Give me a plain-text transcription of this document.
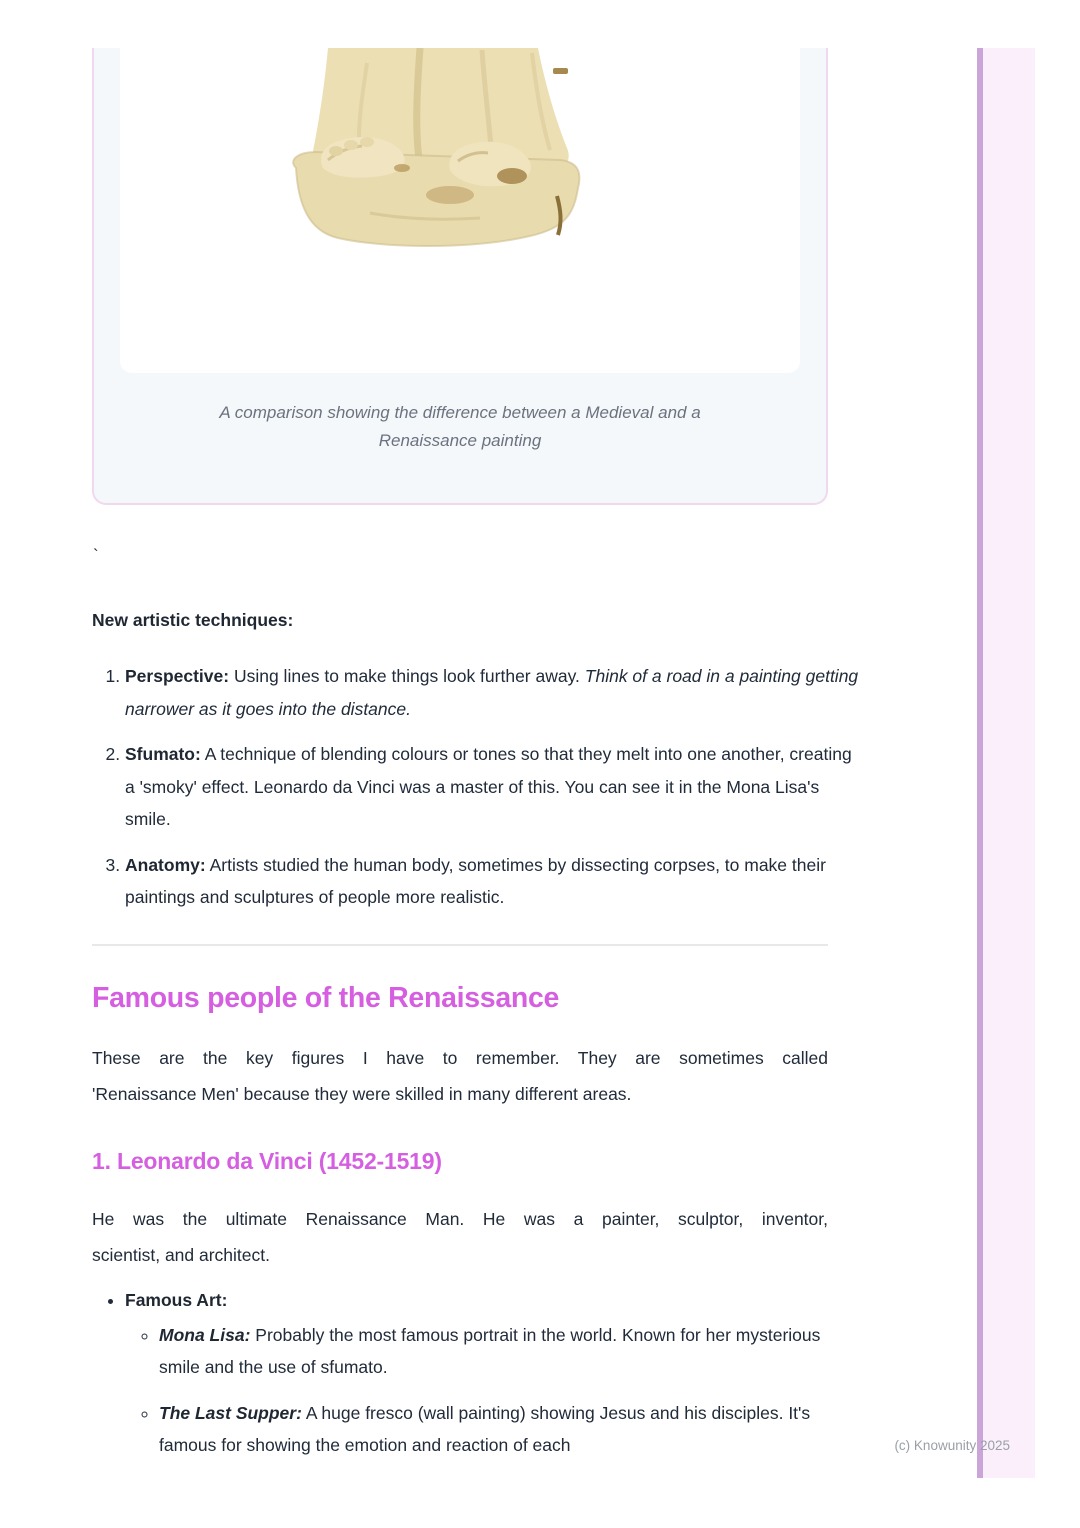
A comparison showing the difference between a Medieval and a Renaissance painting
`
New artistic techniques:
1. Perspective: Using lines to make things look further away. Think of a road in a painting getting narrower as it goes into the distance.
2. Sfumato: A technique of blending colours or tones so that they melt into one another, creating a 'smoky' effect. Leonardo da Vinci was a master of this. You can see it in the Mona Lisa's smile.
3. Anatomy: Artists studied the human body, sometimes by dissecting corpses, to make their paintings and sculptures of people more realistic.
Famous people of the Renaissance
These are the key figures I have to remember. They are sometimes called
'Renaissance Men' because they were skilled in many different areas.
1. Leonardo da Vinci (1452-1519)
He was the ultimate Renaissance Man. He was a painter, sculptor, inventor,
scientist, and architect.
• Famous Art:
◦ Mona Lisa: Probably the most famous portrait in the world. Known for her mysterious smile and the use of sfumato.
◦ The Last Supper: A huge fresco (wall painting) showing Jesus and his disciples. It's famous for showing the emotion and reaction of each	(c) Knowunity 2025
